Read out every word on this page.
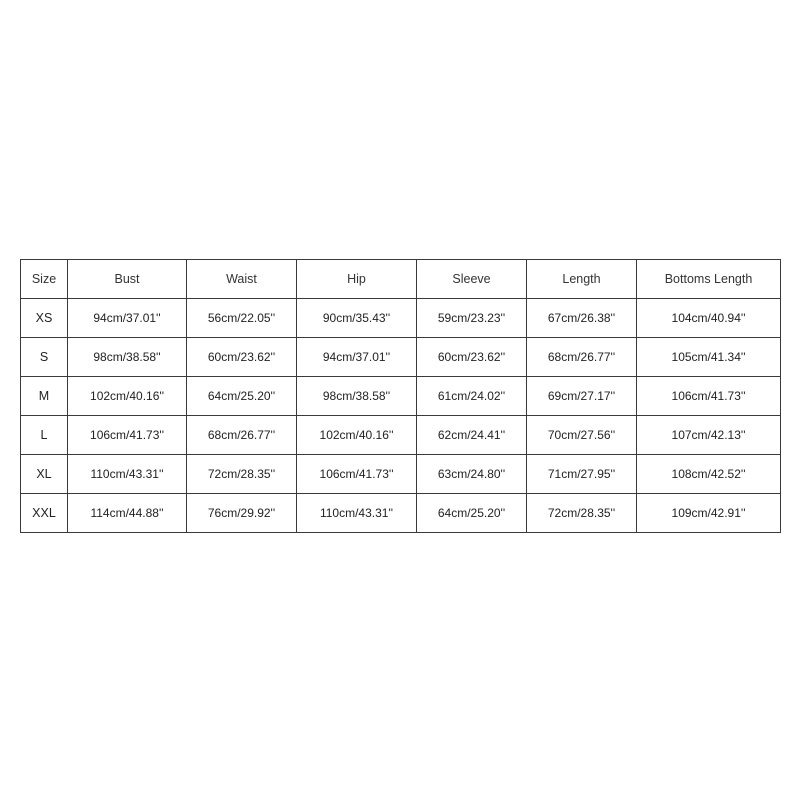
Size	Bust	Waist	Hip	Sleeve	Length	Bottoms Length
XS	94cm/37.01''	56cm/22.05''	90cm/35.43''	59cm/23.23''	67cm/26.38''	104cm/40.94''
S	98cm/38.58''	60cm/23.62''	94cm/37.01''	60cm/23.62''	68cm/26.77''	105cm/41.34''
M	102cm/40.16''	64cm/25.20''	98cm/38.58''	61cm/24.02''	69cm/27.17''	106cm/41.73''
L	106cm/41.73''	68cm/26.77''	102cm/40.16''	62cm/24.41''	70cm/27.56''	107cm/42.13''
XL	110cm/43.31''	72cm/28.35''	106cm/41.73''	63cm/24.80''	71cm/27.95''	108cm/42.52''
XXL	114cm/44.88''	76cm/29.92''	110cm/43.31''	64cm/25.20''	72cm/28.35''	109cm/42.91''
